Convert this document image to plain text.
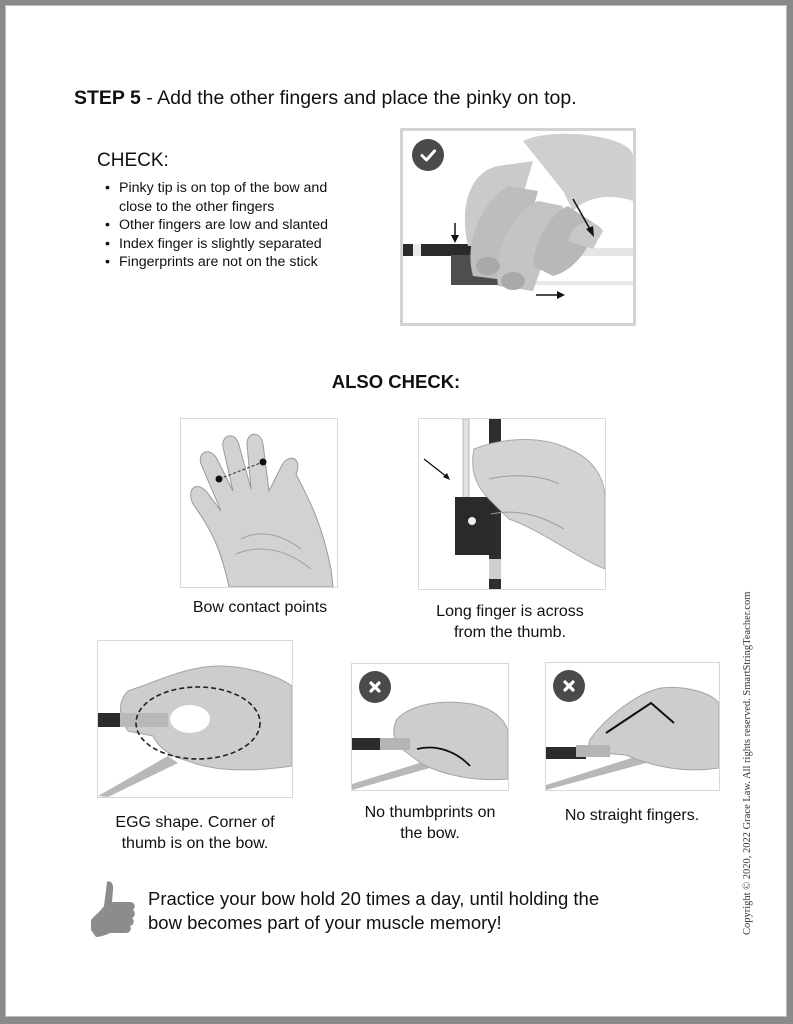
STEP 5 - Add the other fingers and place the pinky on top.
CHECK:
• Pinky tip is on top of the bow and close to the other fingers
• Other fingers are low and slanted
• Index finger is slightly separated
• Fingerprints are not on the stick
ALSO CHECK:
Bow contact points	Long finger is across
from the thumb.
EGG shape. Corner of
thumb is on the bow.
No thumbprints on
the bow.
No straight fingers.
Practice your bow hold 20 times a day, until holding the
bow becomes part of your muscle memory!	Copyright © 2020, 2022 Grace Law. All rights reserved. SmartStringTeacher.com
